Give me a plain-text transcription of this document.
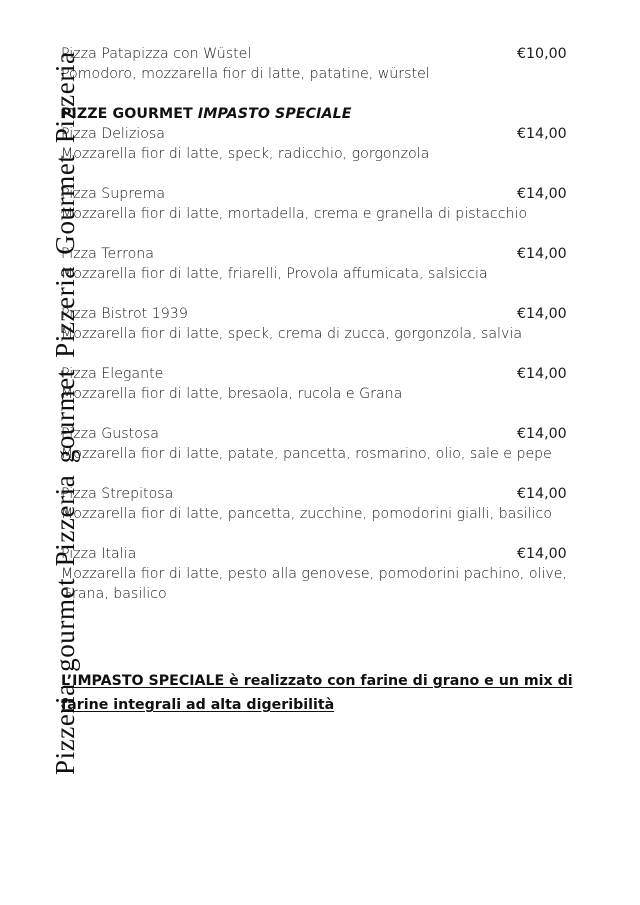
Pizzeria gourmet Pizzeria gourmet Pizzeria Gourmet Pizzeria
Pizza Patapizza con Wüstel	€10,00
Pomodoro, mozzarella fior di latte, patatine, würstel
PIZZE GOURMET IMPASTO SPECIALE
Pizza Deliziosa	€14,00
Mozzarella fior di latte, speck, radicchio, gorgonzola
Pizza Suprema	€14,00
Mozzarella fior di latte, mortadella, crema e granella di pistacchio
Pizza Terrona	€14,00
Mozzarella fior di latte, friarelli, Provola affumicata, salsiccia
Pizza Bistrot 1939	€14,00
Mozzarella fior di latte, speck, crema di zucca, gorgonzola, salvia
Pizza Elegante	€14,00
Mozzarella fior di latte, bresaola, rucola e Grana
Pizza Gustosa	€14,00
Mozzarella fior di latte, patate, pancetta, rosmarino, olio, sale e pepe
Pizza Strepitosa	€14,00
Mozzarella fior di latte, pancetta, zucchine, pomodorini gialli, basilico
Pizza Italia	€14,00
Mozzarella fior di latte, pesto alla genovese, pomodorini pachino, olive, Grana, basilico
L’IMPASTO SPECIALE è realizzato con farine di grano e un mix di farine integrali ad alta digeribilità
